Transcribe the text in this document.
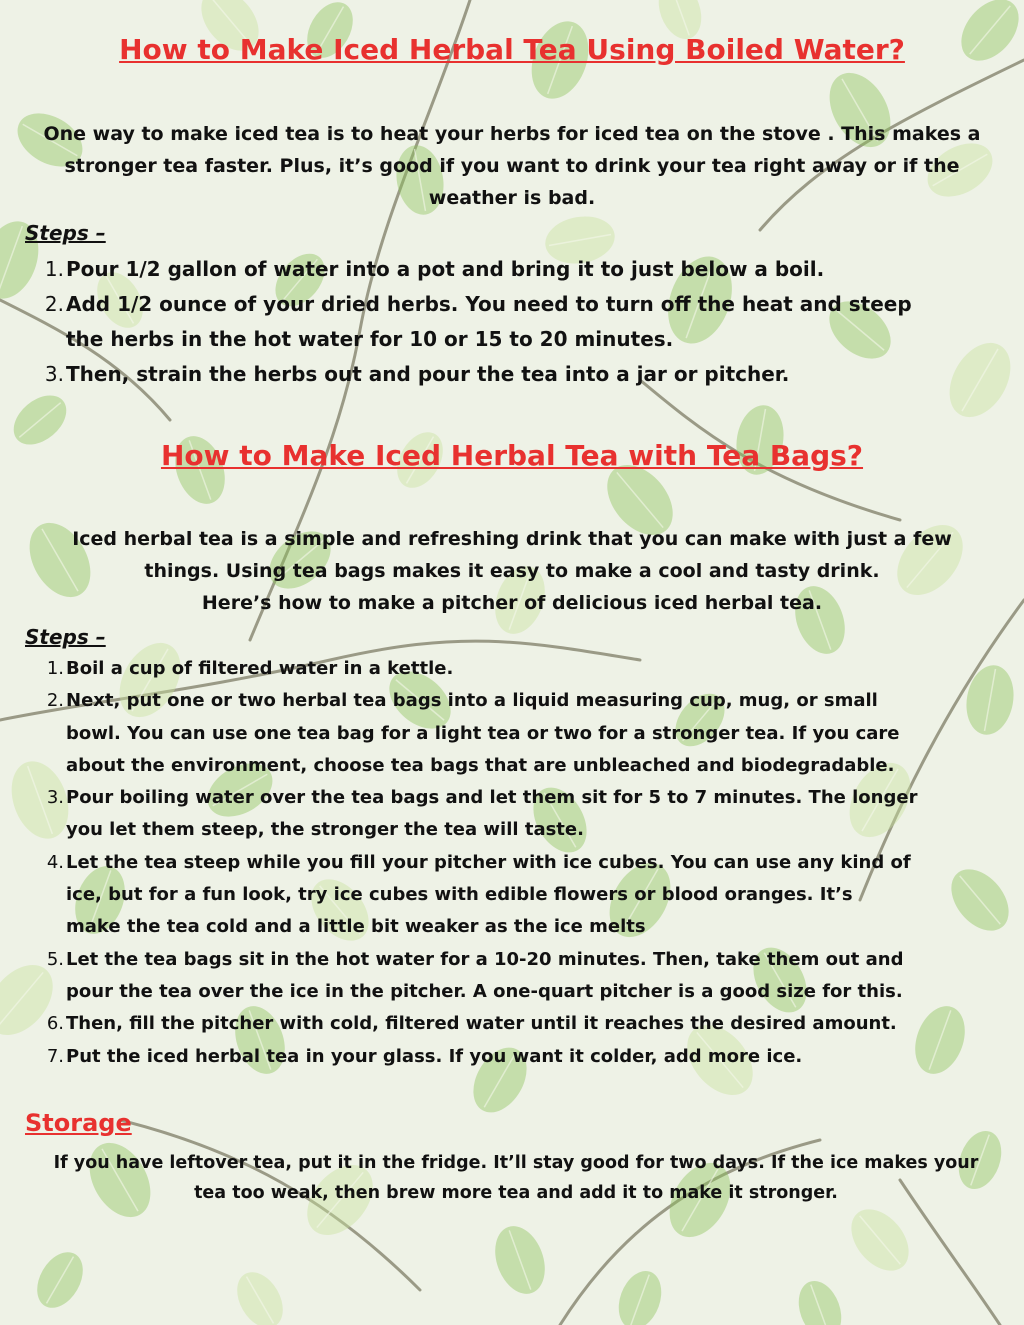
How to Make Iced Herbal Tea Using Boiled Water?
One way to make iced tea is to heat your herbs for iced tea on the stove . This makes a
stronger tea faster. Plus, it’s good if you want to drink your tea right away or if the
weather is bad.

Steps –

1. Pour 1/2 gallon of water into a pot and bring it to just below a boil.
2. Add 1/2 ounce of your dried herbs. You need to turn off the heat and steep
the herbs in the hot water for 10 or 15 to 20 minutes.
3. Then, strain the herbs out and pour the tea into a jar or pitcher.
How to Make Iced Herbal Tea with Tea Bags?
Iced herbal tea is a simple and refreshing drink that you can make with just a few
things. Using tea bags makes it easy to make a cool and tasty drink.
Here’s how to make a pitcher of delicious iced herbal tea.

Steps –

1. Boil a cup of filtered water in a kettle.
2. Next, put one or two herbal tea bags into a liquid measuring cup, mug, or small
bowl. You can use one tea bag for a light tea or two for a stronger tea. If you care
about the environment, choose tea bags that are unbleached and biodegradable.
3. Pour boiling water over the tea bags and let them sit for 5 to 7 minutes. The longer
you let them steep, the stronger the tea will taste.
4. Let the tea steep while you fill your pitcher with ice cubes. You can use any kind of
ice, but for a fun look, try ice cubes with edible flowers or blood oranges. It’s
make the tea cold and a little bit weaker as the ice melts
5. Let the tea bags sit in the hot water for a 10-20 minutes. Then, take them out and
pour the tea over the ice in the pitcher. A one-quart pitcher is a good size for this.
6. Then, fill the pitcher with cold, filtered water until it reaches the desired amount.
7. Put the iced herbal tea in your glass. If you want it colder, add more ice.
Storage
If you have leftover tea, put it in the fridge. It’ll stay good for two days. If the ice makes your
tea too weak, then brew more tea and add it to make it stronger.
